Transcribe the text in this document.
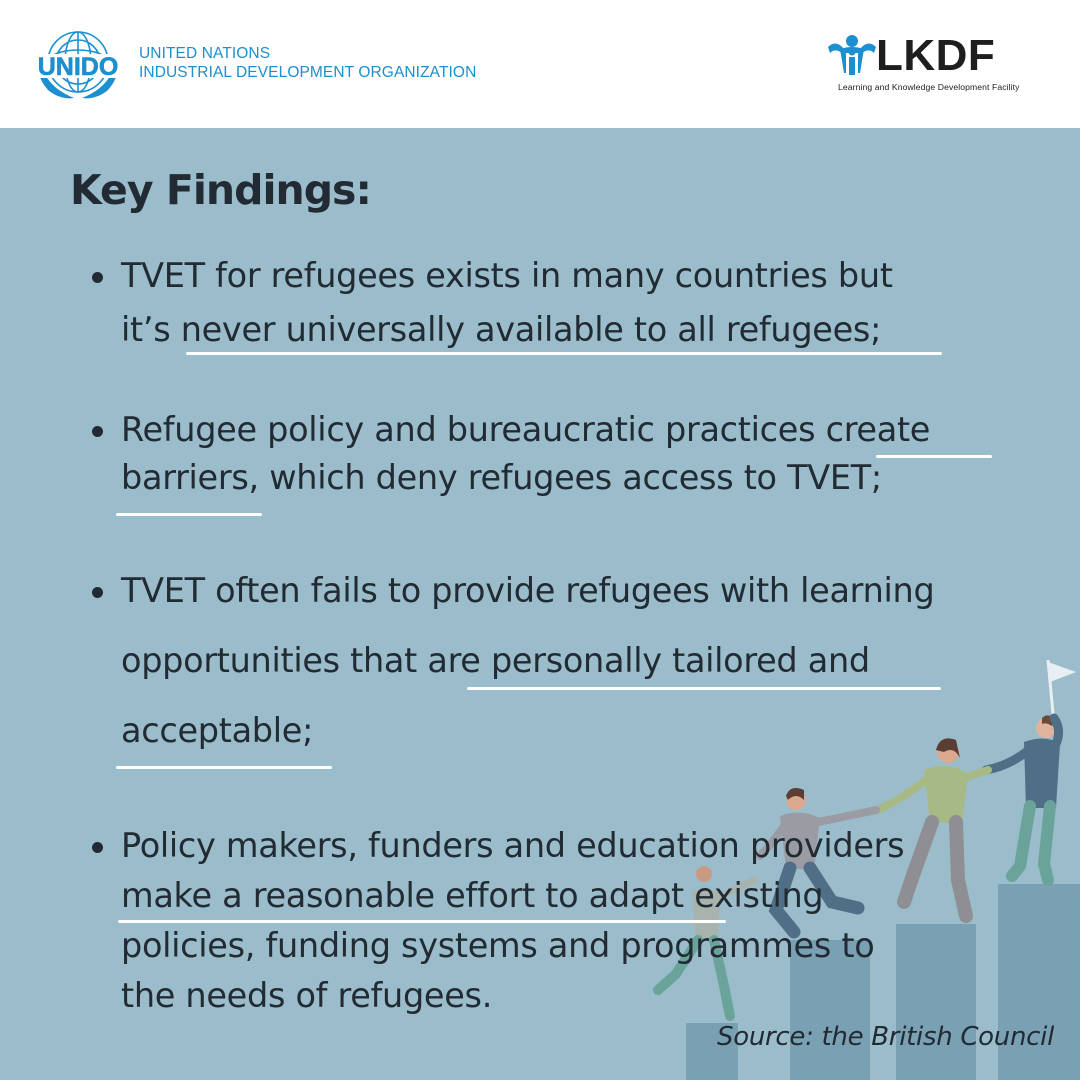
UNIDO UNITED NATIONS
INDUSTRIAL DEVELOPMENT ORGANIZATION	LKDF
Learning and Knowledge Development Facility
Key Findings:
TVET for refugees exists in many countries but
it’s never universally available to all refugees;
Refugee policy and bureaucratic practices create
barriers, which deny refugees access to TVET;
TVET often fails to provide refugees with learning
opportunities that are personally tailored and
acceptable;
Policy makers, funders and education providers
make a reasonable effort to adapt existing
policies, funding systems and programmes to
the needs of refugees.
Source: the British Council
